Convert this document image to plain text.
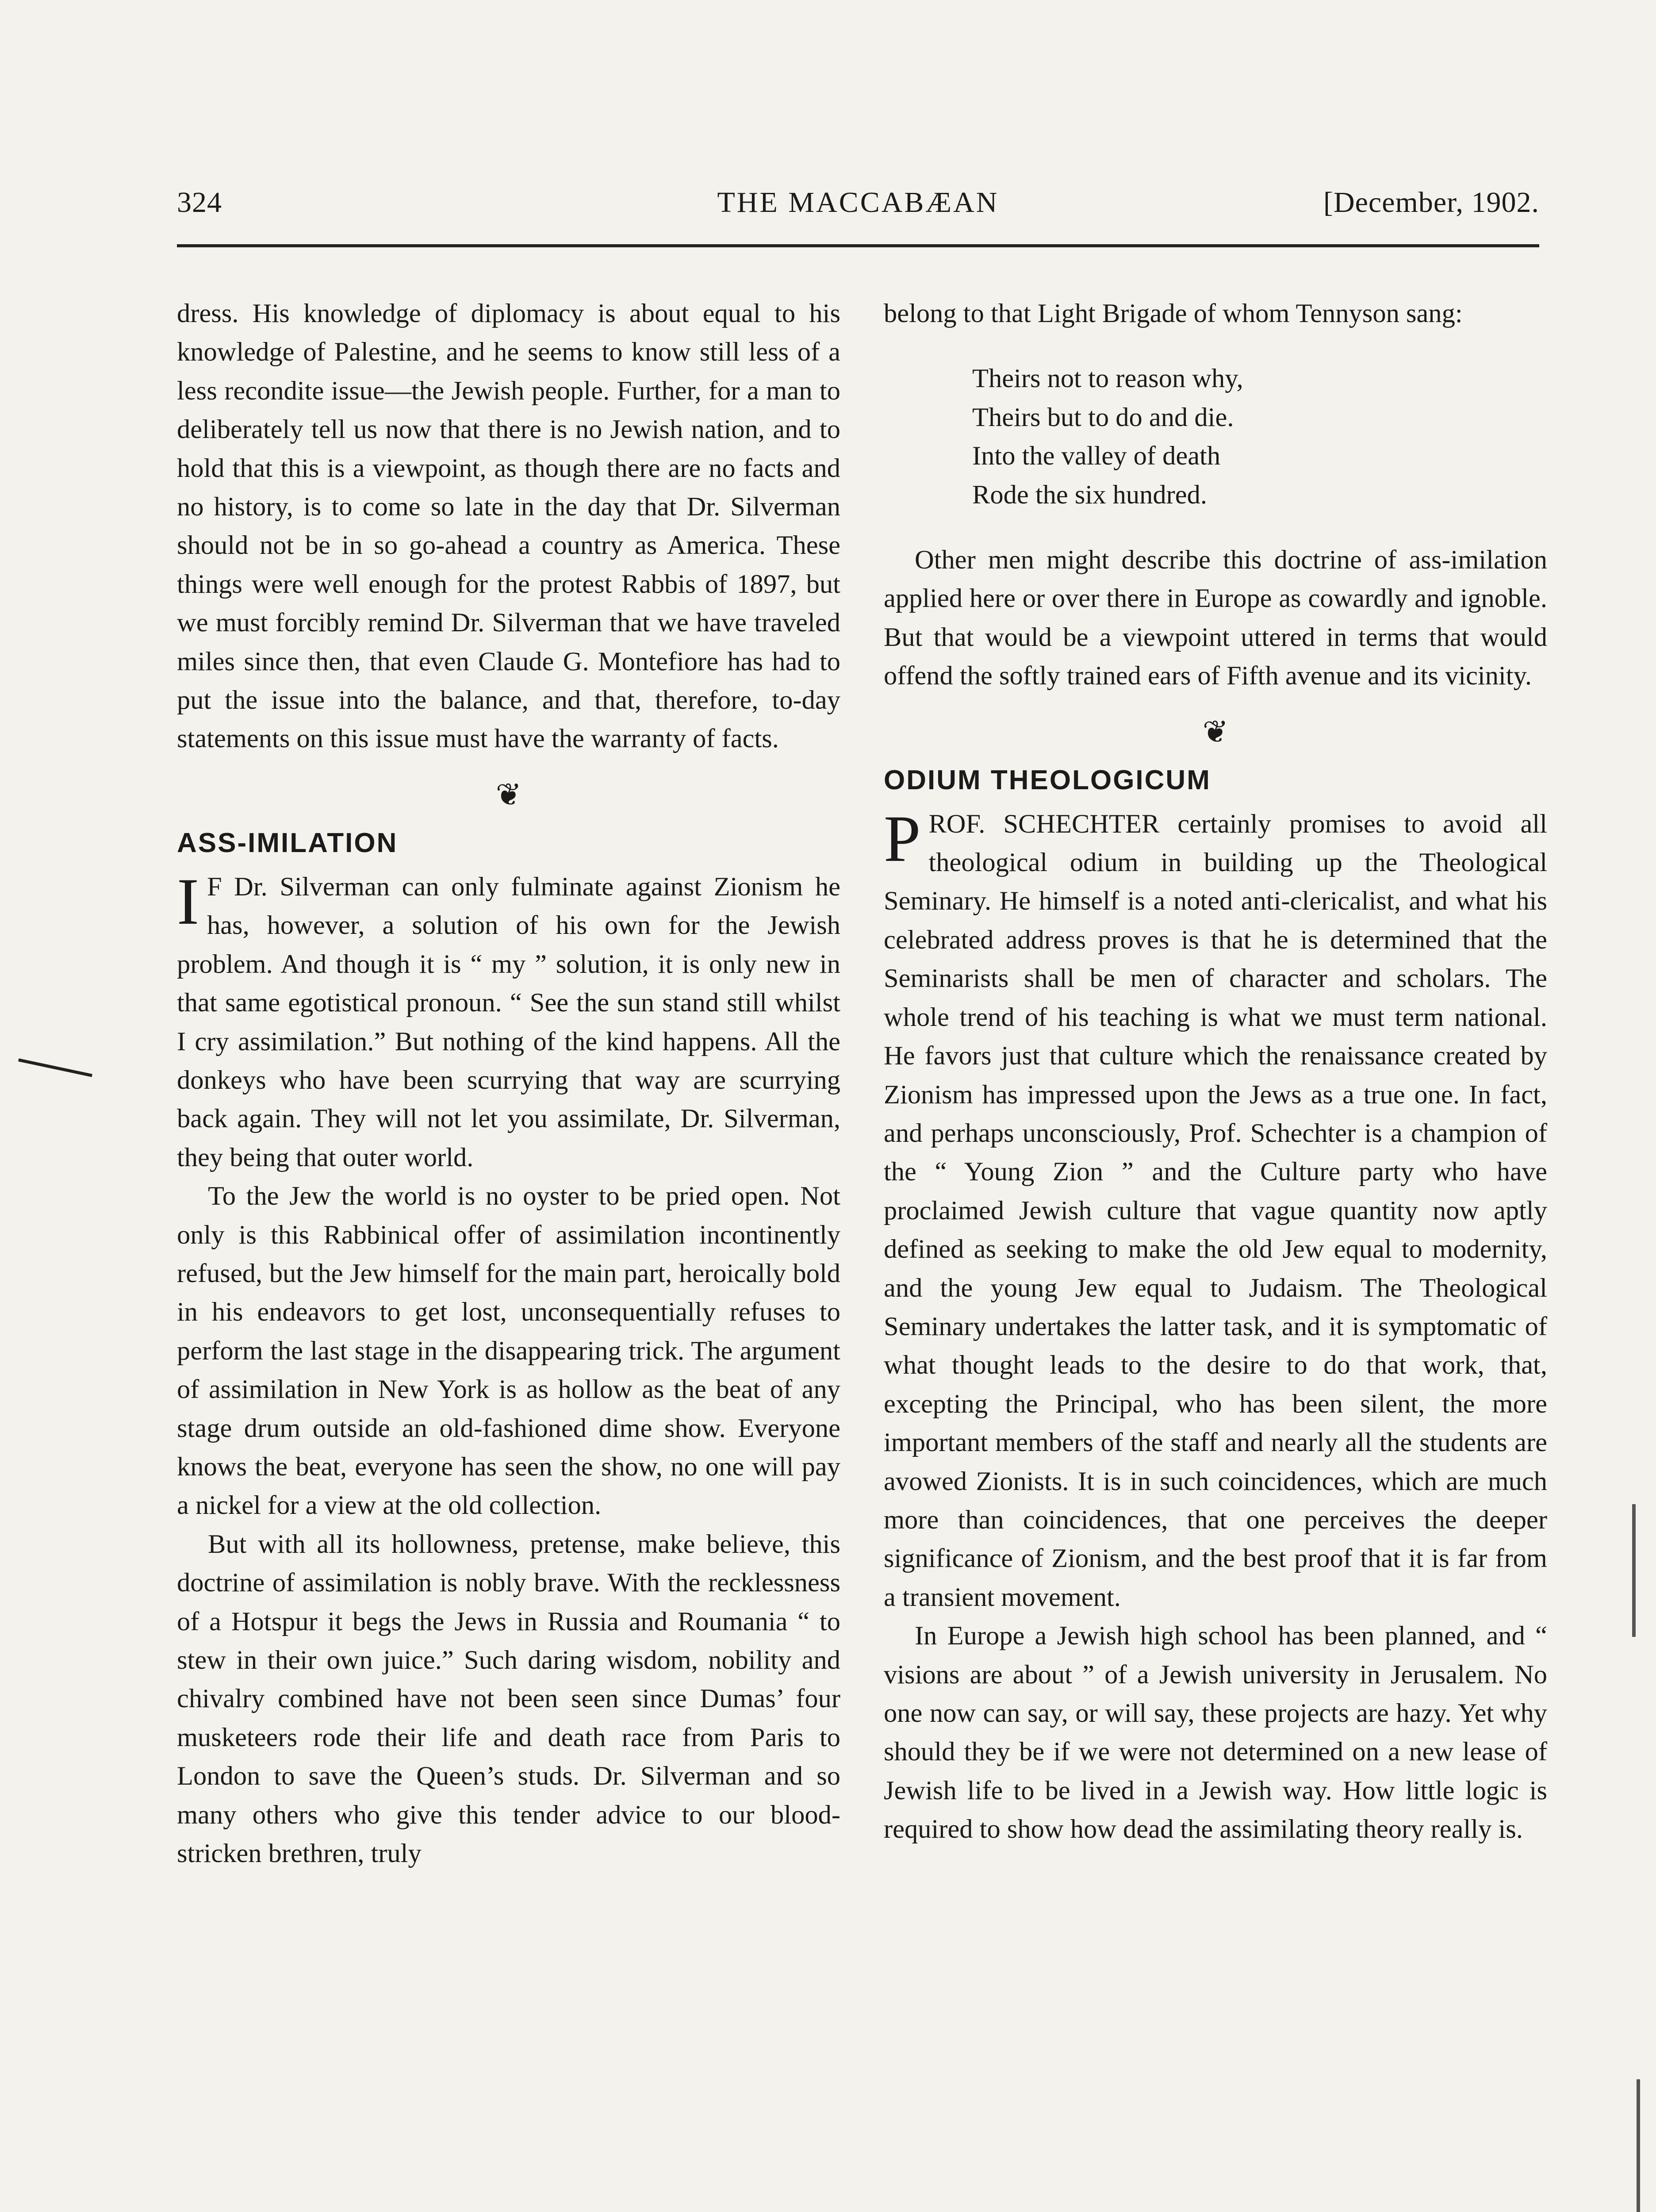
324	THE MACCABÆAN	[December, 1902.

dress. His knowledge of diplomacy is about equal to his knowledge of Palestine, and he seems to know still less of a less recondite issue—the Jewish people. Further, for a man to deliberately tell us now that there is no Jewish nation, and to hold that this is a viewpoint, as though there are no facts and no history, is to come so late in the day that Dr. Silverman should not be in so go-ahead a country as America. These things were well enough for the protest Rabbis of 1897, but we must forcibly remind Dr. Silverman that we have traveled miles since then, that even Claude G. Montefiore has had to put the issue into the balance, and that, therefore, to-day statements on this issue must have the warranty of facts.

❦
ASS-IMILATION

I F Dr. Silverman can only fulminate against Zionism he has, however, a solution of his own for the Jewish problem. And though it is “ my ” solution, it is only new in that same egotistical pronoun. “ See the sun stand still whilst I cry assimilation.” But nothing of the kind happens. All the donkeys who have been scurrying that way are scurrying back again. They will not let you assimilate, Dr. Silverman, they being that outer world.

To the Jew the world is no oyster to be pried open. Not only is this Rabbinical offer of assimilation incontinently refused, but the Jew himself for the main part, heroically bold in his endeavors to get lost, unconsequentially refuses to perform the last stage in the disappearing trick. The argument of assimilation in New York is as hollow as the beat of any stage drum outside an old-fashioned dime show. Everyone knows the beat, everyone has seen the show, no one will pay a nickel for a view at the old collection.

But with all its hollowness, pretense, make believe, this doctrine of assimilation is nobly brave. With the recklessness of a Hotspur it begs the Jews in Russia and Roumania “ to stew in their own juice.” Such daring wisdom, nobility and chivalry combined have not been seen since Dumas’ four musketeers rode their life and death race from Paris to London to save the Queen’s studs. Dr. Silverman and so many others who give this tender advice to our blood-stricken brethren, truly

belong to that Light Brigade of whom Tennyson sang:

Theirs not to reason why,
Theirs but to do and die.
Into the valley of death
Rode the six hundred.

Other men might describe this doctrine of ass-imilation applied here or over there in Europe as cowardly and ignoble. But that would be a viewpoint uttered in terms that would offend the softly trained ears of Fifth avenue and its vicinity.

❦
ODIUM THEOLOGICUM

PROF. SCHECHTER certainly promises to avoid all theological odium in building up the Theological Seminary. He himself is a noted anti-clericalist, and what his celebrated address proves is that he is determined that the Seminarists shall be men of character and scholars. The whole trend of his teaching is what we must term national. He favors just that culture which the renaissance created by Zionism has impressed upon the Jews as a true one. In fact, and perhaps unconsciously, Prof. Schechter is a champion of the “ Young Zion ” and the Culture party who have proclaimed Jewish culture that vague quantity now aptly defined as seeking to make the old Jew equal to modernity, and the young Jew equal to Judaism. The Theological Seminary undertakes the latter task, and it is symptomatic of what thought leads to the desire to do that work, that, excepting the Principal, who has been silent, the more important members of the staff and nearly all the students are avowed Zionists. It is in such coincidences, which are much more than coincidences, that one perceives the deeper significance of Zionism, and the best proof that it is far from a transient movement.

In Europe a Jewish high school has been planned, and “ visions are about ” of a Jewish university in Jerusalem. No one now can say, or will say, these projects are hazy. Yet why should they be if we were not determined on a new lease of Jewish life to be lived in a Jewish way. How little logic is required to show how dead the assimilating theory really is.
